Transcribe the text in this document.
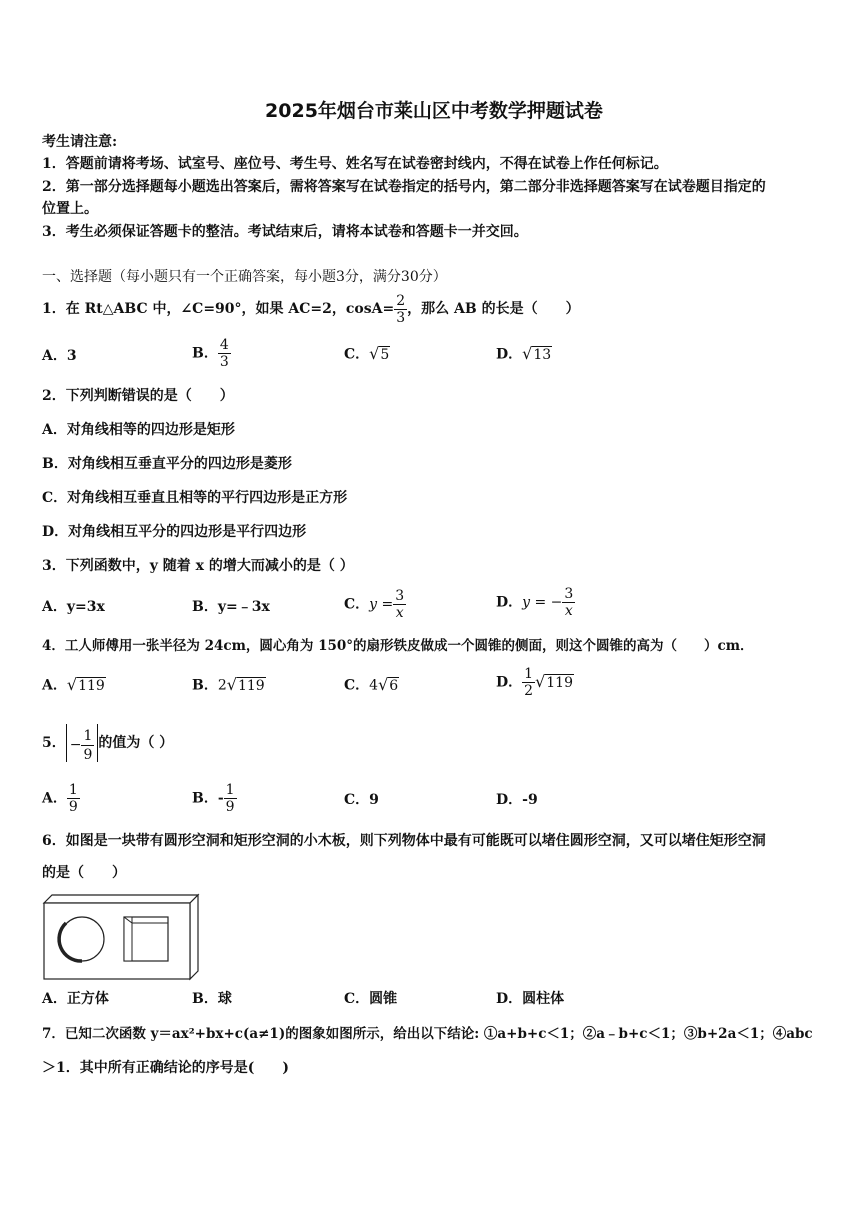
2025年烟台市莱山区中考数学押题试卷
考生请注意:
1．答题前请将考场、试室号、座位号、考生号、姓名写在试卷密封线内，不得在试卷上作任何标记。
2．第一部分选择题每小题选出答案后，需将答案写在试卷指定的括号内，第二部分非选择题答案写在试卷题目指定的
位置上。
3．考生必须保证答题卡的整洁。考试结束后，请将本试卷和答题卡一并交回。
一、选择题（每小题只有一个正确答案，每小题3分，满分30分）
1．在 Rt△ABC 中，∠C=90°，如果 AC=2，$\cos A= \frac{2}{3}$ ，那么 AB 的长是（　　）
A．3	B． $\frac{4}{3}$	C．√5	D．√13
2．下列判断错误的是（　　）
A．对角线相等的四边形是矩形
B．对角线相互垂直平分的四边形是菱形
C．对角线相互垂直且相等的平行四边形是正方形
D．对角线相互平分的四边形是平行四边形
3．下列函数中，y 随着 x 的增大而减小的是（ ）
A．y=3x	B．y=﹣3x	C．$y = \frac{3}{x}$	D．y = − $\frac{3}{x}$
4．工人师傅用一张半径为 24cm，圆心角为 150°的扇形铁皮做成一个圆锥的侧面，则这个圆锥的高为（　　）cm．
A．√119	B．2√119	C．4√6	D． $\frac{1}{2} √119$
5． − $\frac{1}{9}$ 的值为（ ）
A． $\frac{1}{9}$	B．- $\frac{1}{9}$	C．9	D．-9
6．如图是一块带有圆形空洞和矩形空洞的小木板，则下列物体中最有可能既可以堵住圆形空洞，又可以堵住矩形空洞
的是（　　）
A．正方体	B．球	C．圆锥	D．圆柱体
7．已知二次函数 y＝ax²+bx+c(a≠1)的图象如图所示，给出以下结论: ①a+b+c＜1；②a﹣b+c＜1；③b+2a＜1；④abc
＞1．其中所有正确结论的序号是(　　)
